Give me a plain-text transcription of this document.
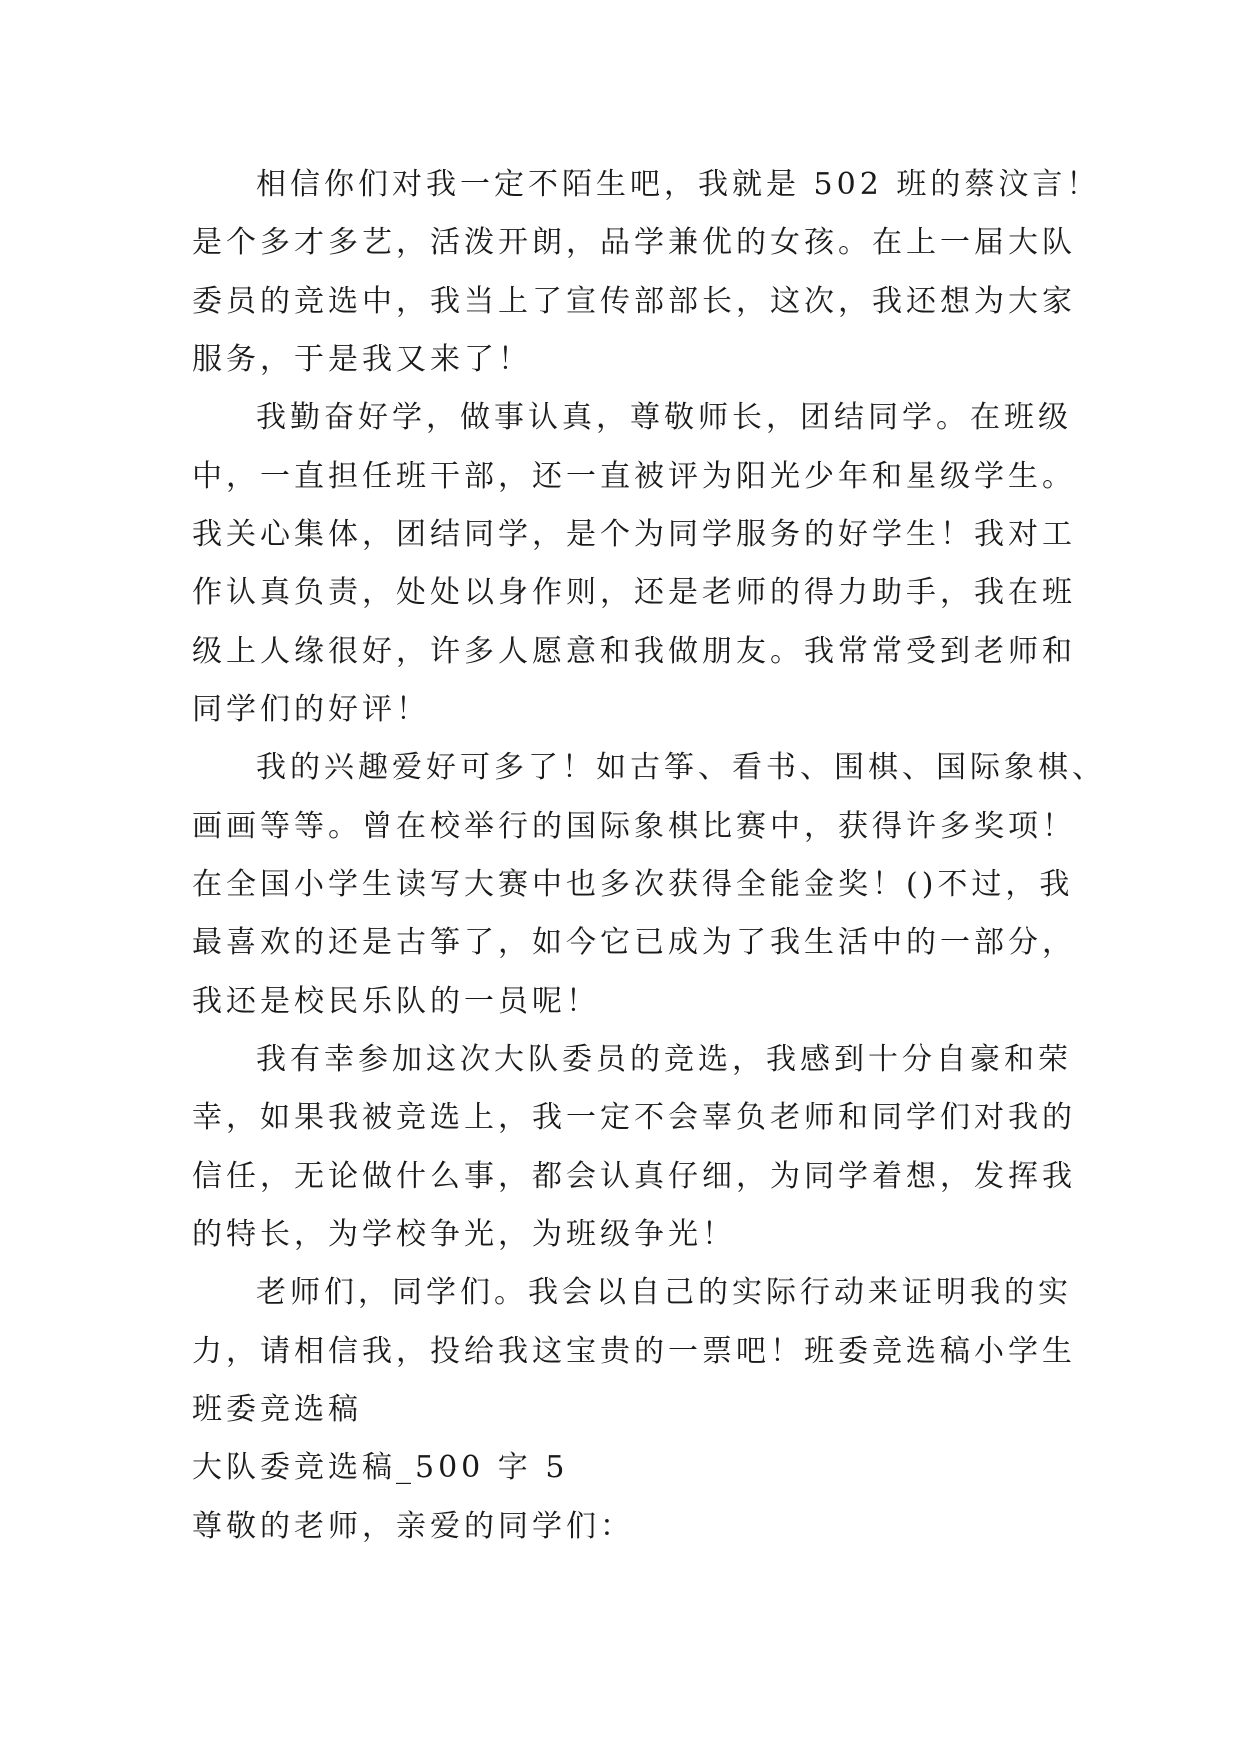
相信你们对我一定不陌生吧，我就是 502 班的蔡汶言！
是个多才多艺，活泼开朗，品学兼优的女孩。在上一届大队
委员的竞选中，我当上了宣传部部长，这次，我还想为大家
服务，于是我又来了！
我勤奋好学，做事认真，尊敬师长，团结同学。在班级
中，一直担任班干部，还一直被评为阳光少年和星级学生。
我关心集体，团结同学，是个为同学服务的好学生！我对工
作认真负责，处处以身作则，还是老师的得力助手，我在班
级上人缘很好，许多人愿意和我做朋友。我常常受到老师和
同学们的好评！
我的兴趣爱好可多了！如古筝、看书、围棋、国际象棋、
画画等等。曾在校举行的国际象棋比赛中，获得许多奖项！
在全国小学生读写大赛中也多次获得全能金奖！()不过，我
最喜欢的还是古筝了，如今它已成为了我生活中的一部分，
我还是校民乐队的一员呢！
我有幸参加这次大队委员的竞选，我感到十分自豪和荣
幸，如果我被竞选上，我一定不会辜负老师和同学们对我的
信任，无论做什么事，都会认真仔细，为同学着想，发挥我
的特长，为学校争光，为班级争光！
老师们，同学们。我会以自己的实际行动来证明我的实
力，请相信我，投给我这宝贵的一票吧！班委竞选稿小学生
班委竞选稿
大队委竞选稿_500 字 5
尊敬的老师，亲爱的同学们：
